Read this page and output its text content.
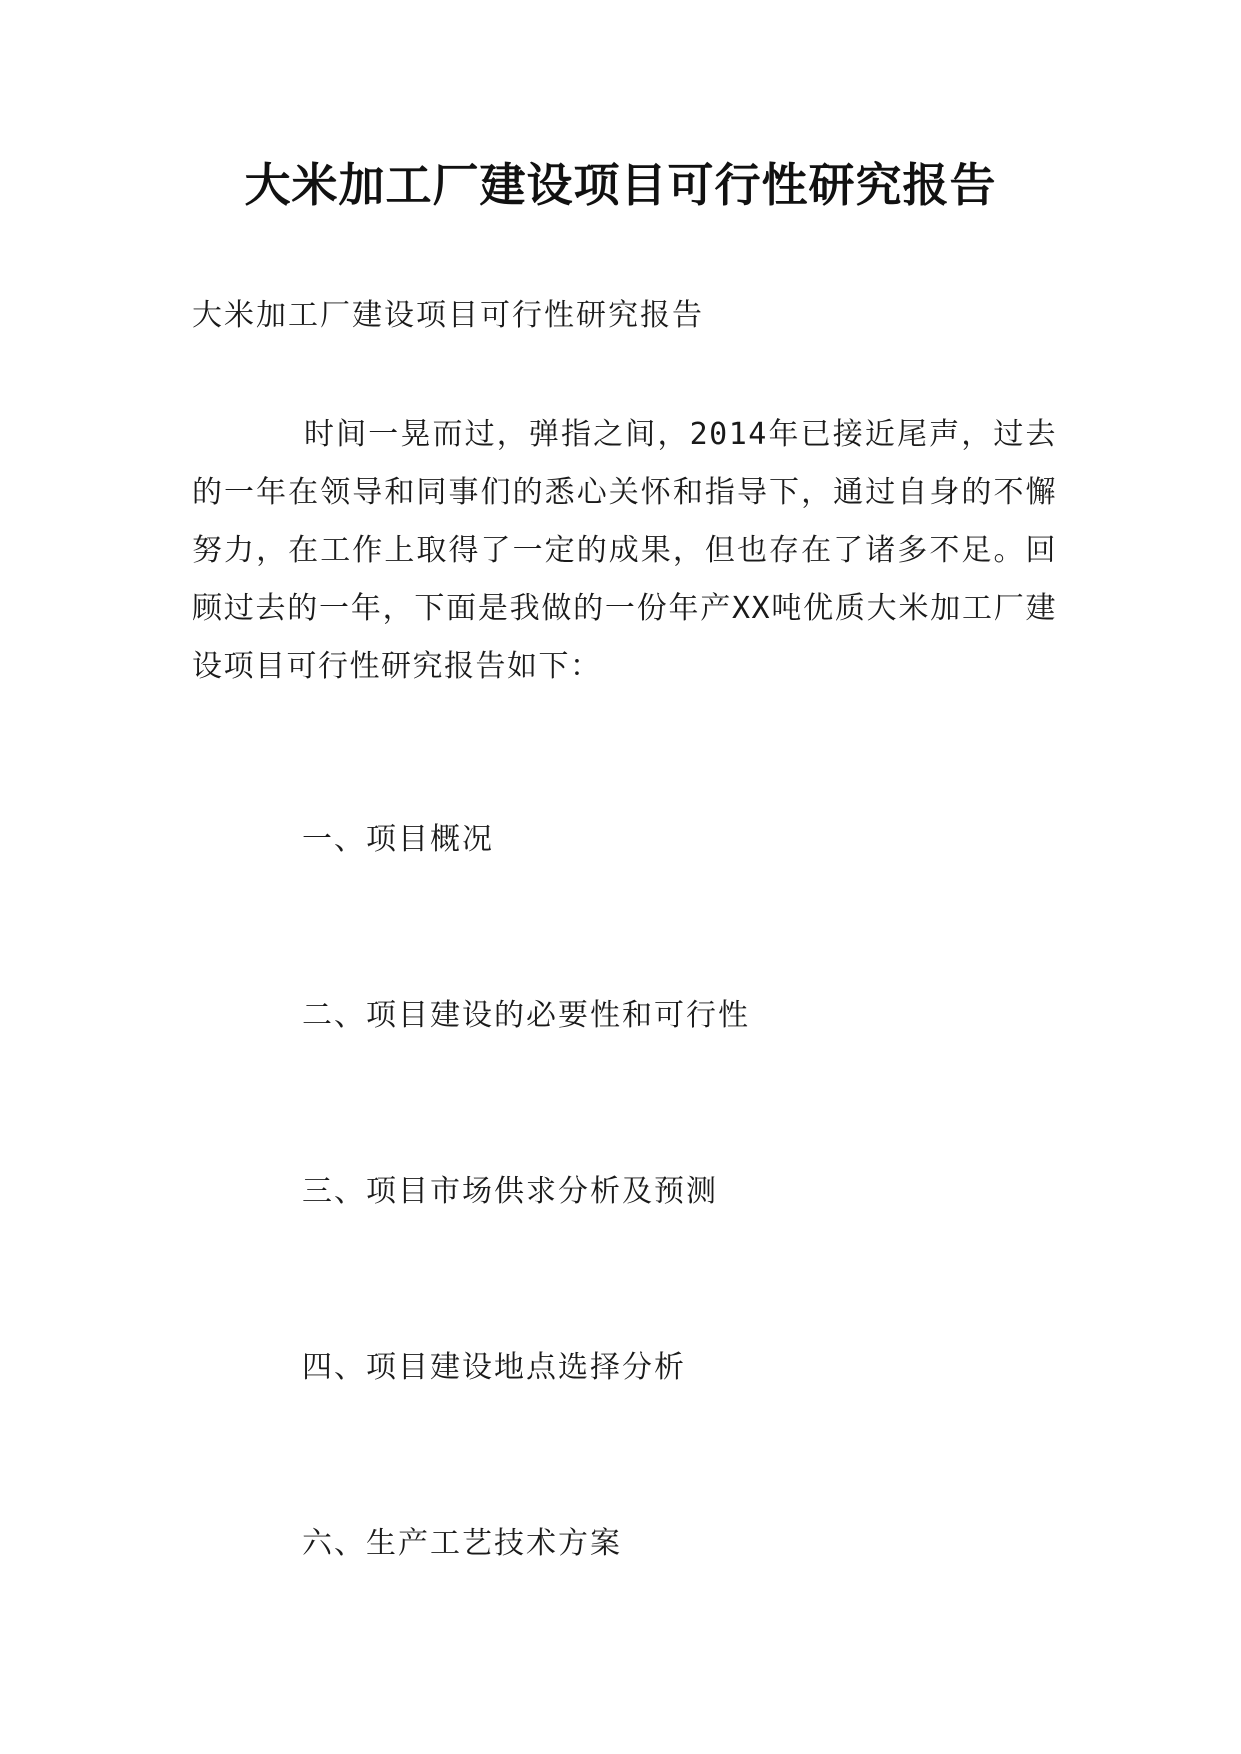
大米加工厂建设项目可行性研究报告

大米加工厂建设项目可行性研究报告

时间一晃而过，弹指之间，2014年已接近尾声，过去的一年在领导和同事们的悉心关怀和指导下，通过自身的不懈努力，在工作上取得了一定的成果，但也存在了诸多不足。回顾过去的一年，下面是我做的一份年产XX吨优质大米加工厂建设项目可行性研究报告如下：

一、项目概况

二、项目建设的必要性和可行性

三、项目市场供求分析及预测

四、项目建设地点选择分析

六、生产工艺技术方案
